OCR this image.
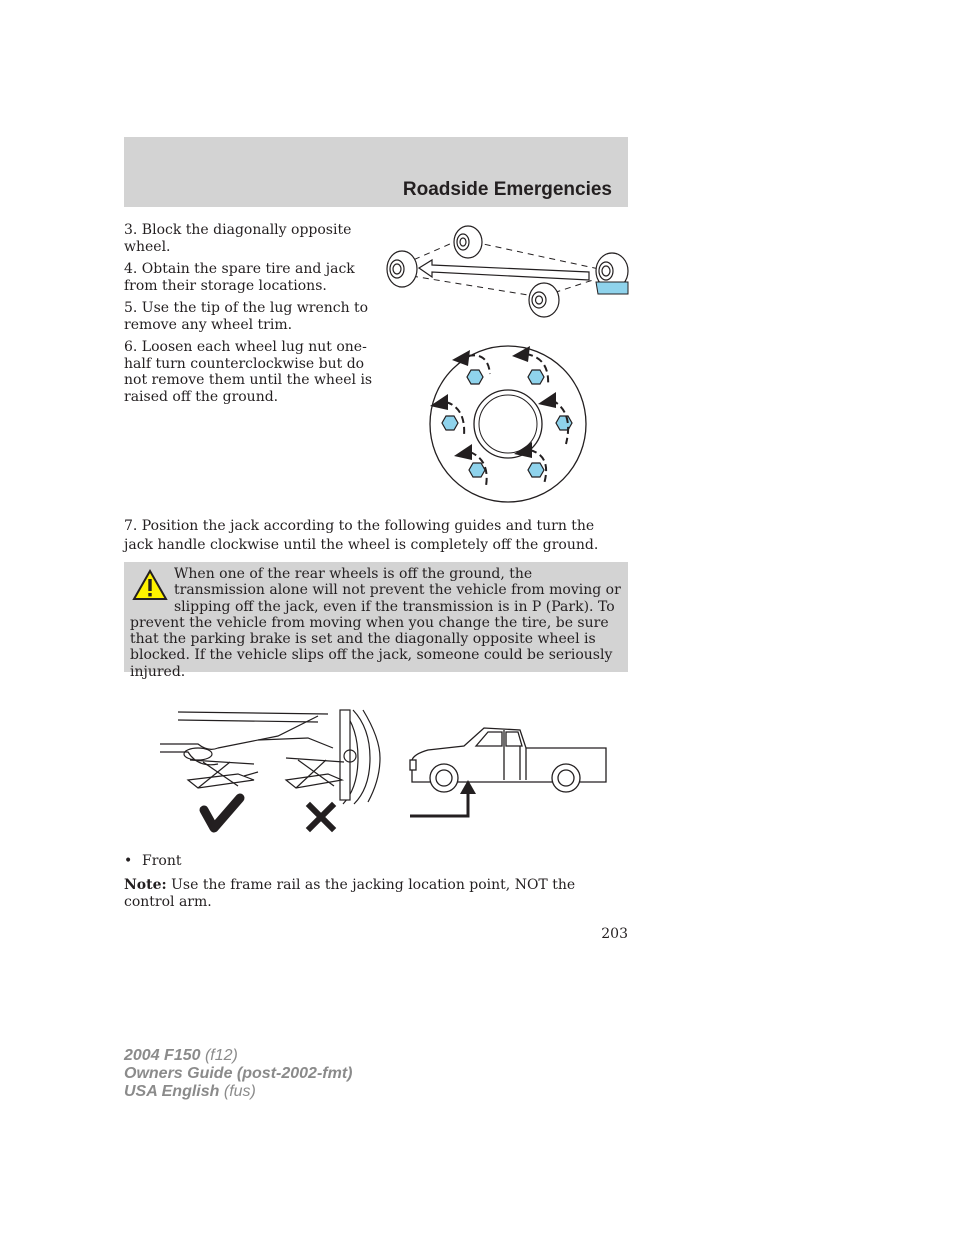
Roadside Emergencies

3. Block the diagonally opposite wheel.

4. Obtain the spare tire and jack from their storage locations.

5. Use the tip of the lug wrench to remove any wheel trim.

6. Loosen each wheel lug nut one-half turn counterclockwise but do not remove them until the wheel is raised off the ground.

7. Position the jack according to the following guides and turn the jack handle clockwise until the wheel is completely off the ground.
When one of the rear wheels is off the ground, the transmission alone will not prevent the vehicle from moving or slipping off the jack, even if the transmission is in P (Park). To prevent the vehicle from moving when you change the tire, be sure that the parking brake is set and the diagonally opposite wheel is blocked. If the vehicle slips off the jack, someone could be seriously injured.
• Front
Note: Use the frame rail as the jacking location point, NOT the control arm.
203
2004 F150 (f12)
Owners Guide (post-2002-fmt)
USA English (fus)
